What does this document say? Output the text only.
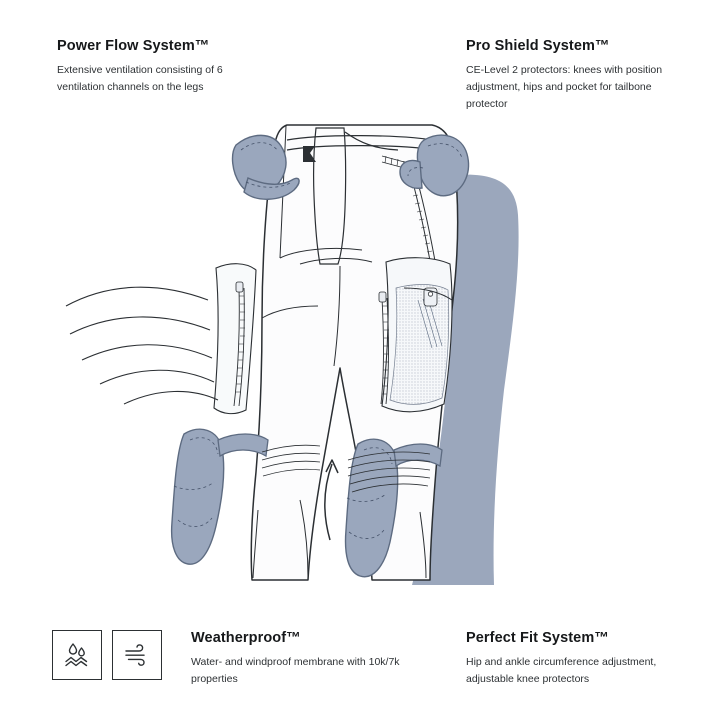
Power Flow System™

Extensive ventilation consisting of 6 ventilation channels on the legs

Pro Shield System™

CE-Level 2 protectors: knees with position adjustment, hips and pocket for tailbone protector

Weatherproof™

Water- and windproof membrane with 10k/7k properties

Perfect Fit System™

Hip and ankle circumference adjustment, adjustable knee protectors
